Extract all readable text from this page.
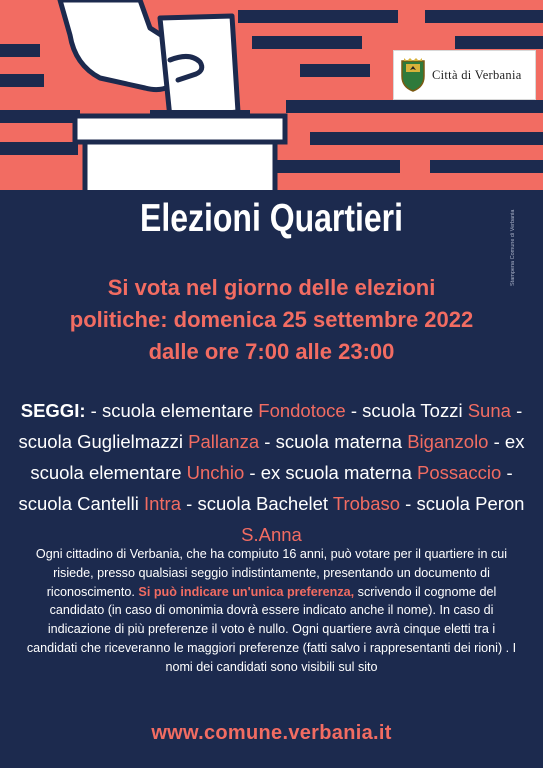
Città di Verbania
Stampena Comune di Verbania
Elezioni Quartieri
Si vota nel giorno delle elezioni
politiche: domenica 25 settembre 2022
dalle ore 7:00 alle 23:00
SEGGI: - scuola elementare Fondotoce - scuola Tozzi Suna - scuola Guglielmazzi Pallanza - scuola materna Biganzolo - ex scuola elementare Unchio - ex scuola materna Possaccio - scuola Cantelli Intra - scuola Bachelet Trobaso - scuola Peron S.Anna
Ogni cittadino di Verbania, che ha compiuto 16 anni, può votare per il quartiere in cui risiede, presso qualsiasi seggio indistintamente, presentando un documento di riconoscimento. Si può indicare un'unica preferenza, scrivendo il cognome del candidato (in caso di omonimia dovrà essere indicato anche il nome). In caso di indicazione di più preferenze il voto è nullo. Ogni quartiere avrà cinque eletti tra i candidati che riceveranno le maggiori preferenze (fatti salvo i rappresentanti dei rioni) . I nomi dei candidati sono visibili sul sito
www.comune.verbania.it
